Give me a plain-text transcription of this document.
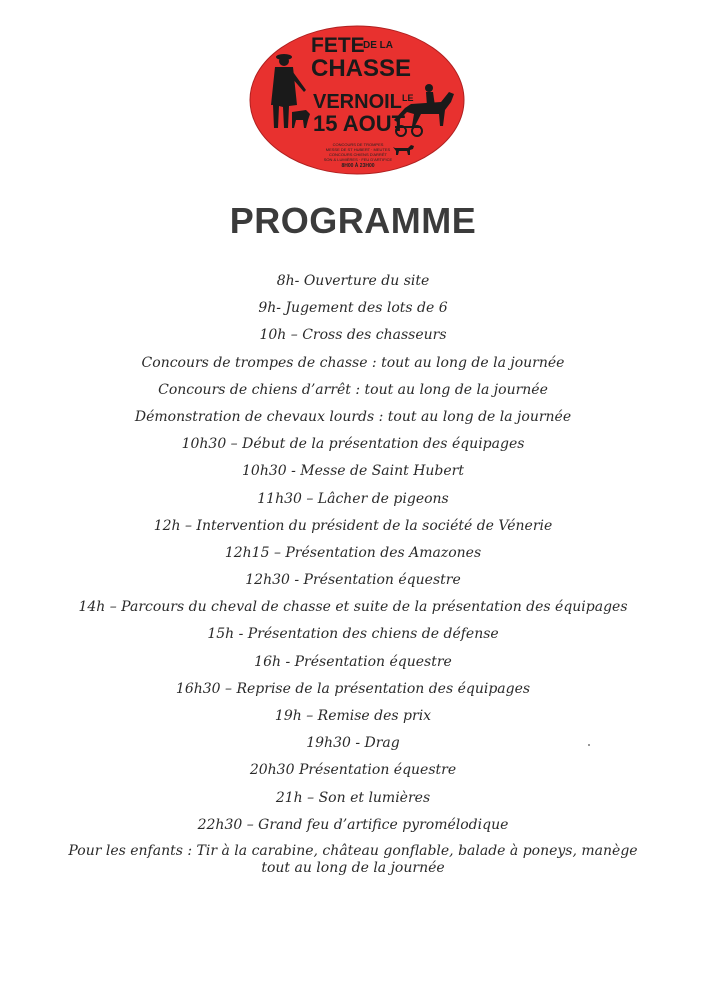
FETE
DE LA
CHASSE
VERNOIL LE
15 AOUT
CONCOURS DE TROMPES
MESSE DE ST HUBERT · MEUTES
CONCOURS CHIENS D'ARRÊT
SON & LUMIÈRES · FEU D'ARTIFICE
8H00 À 23H00
PROGRAMME
8h- Ouverture du site
9h- Jugement des lots de 6
10h – Cross des chasseurs
Concours de trompes de chasse : tout au long de la journée
Concours de chiens d’arrêt : tout au long de la journée
Démonstration de chevaux lourds : tout au long de la journée
10h30 – Début de la présentation des équipages
10h30 - Messe de Saint Hubert
11h30 – Lâcher de pigeons
12h – Intervention du président de la société de Vénerie
12h15 – Présentation des Amazones
12h30 - Présentation équestre
14h – Parcours du cheval de chasse et suite de la présentation des équipages
15h - Présentation des chiens de défense
16h - Présentation équestre
16h30 – Reprise de la présentation des équipages
19h – Remise des prix
19h30 - Drag
20h30 Présentation équestre
21h – Son et lumières
22h30 – Grand feu d’artifice pyromélodique

Pour les enfants : Tir à la carabine, château gonflable, balade à poneys, manège
tout au long de la journée
